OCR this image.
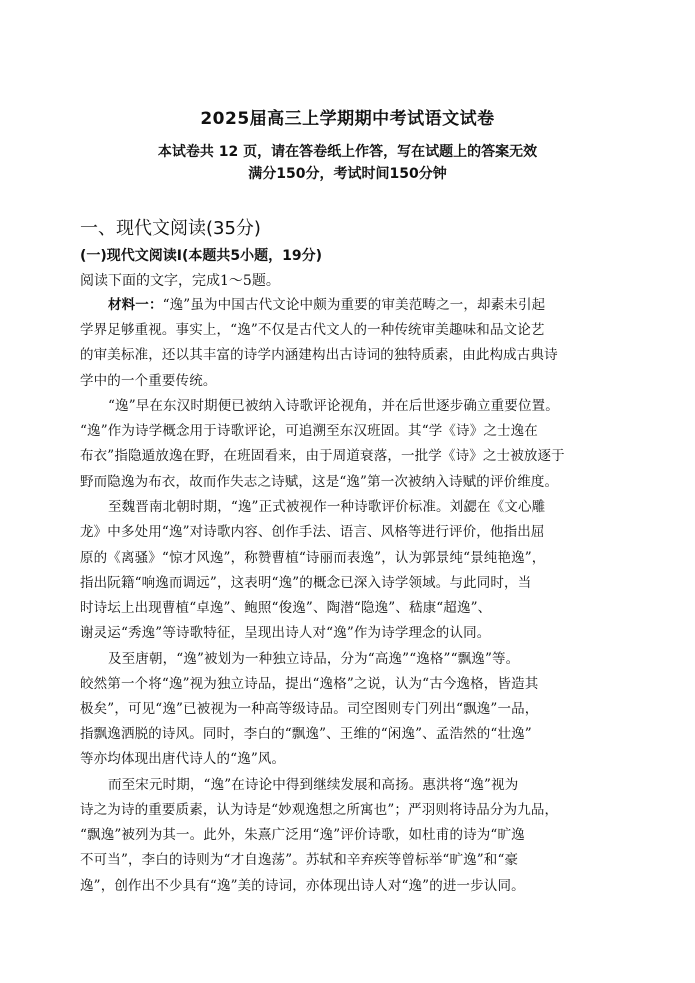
2025届高三上学期期中考试语文试卷
本试卷共 12 页，请在答卷纸上作答，写在试题上的答案无效
满分150分，考试时间150分钟
一、现代文阅读(35分)
(一)现代文阅读Ⅰ(本题共5小题，19分)
阅读下面的文字，完成1～5题。
材料一：“逸”虽为中国古代文论中颇为重要的审美范畴之一，却素未引起
学界足够重视。事实上，“逸”不仅是古代文人的一种传统审美趣味和品文论艺
的审美标准，还以其丰富的诗学内涵建构出古诗词的独特质素，由此构成古典诗
学中的一个重要传统。
“逸”早在东汉时期便已被纳入诗歌评论视角，并在后世逐步确立重要位置。
“逸”作为诗学概念用于诗歌评论，可追溯至东汉班固。其“学《诗》之士逸在
布衣”指隐遁放逸在野，在班固看来，由于周道衰落，一批学《诗》之士被放逐于
野而隐逸为布衣，故而作失志之诗赋，这是“逸”第一次被纳入诗赋的评价维度。
至魏晋南北朝时期，“逸”正式被视作一种诗歌评价标准。刘勰在《文心雕
龙》中多处用“逸”对诗歌内容、创作手法、语言、风格等进行评价，他指出屈
原的《离骚》“惊才风逸”，称赞曹植“诗丽而表逸”，认为郭景纯“景纯艳逸”，
指出阮籍“响逸而调远”，这表明“逸”的概念已深入诗学领域。与此同时，当
时诗坛上出现曹植“卓逸”、鲍照“俊逸”、陶潜“隐逸”、嵇康“超逸”、
谢灵运“秀逸”等诗歌特征，呈现出诗人对“逸”作为诗学理念的认同。
及至唐朝，“逸”被划为一种独立诗品，分为“高逸”“逸格”“飘逸”等。
皎然第一个将“逸”视为独立诗品，提出“逸格”之说，认为“古今逸格，皆造其
极矣”，可见“逸”已被视为一种高等级诗品。司空图则专门列出“飘逸”一品，
指飘逸洒脱的诗风。同时，李白的“飘逸”、王维的“闲逸”、孟浩然的“壮逸”
等亦均体现出唐代诗人的“逸”风。
而至宋元时期，“逸”在诗论中得到继续发展和高扬。惠洪将“逸”视为
诗之为诗的重要质素，认为诗是“妙观逸想之所寓也”；严羽则将诗品分为九品，
“飘逸”被列为其一。此外，朱熹广泛用“逸”评价诗歌，如杜甫的诗为“旷逸
不可当”，李白的诗则为“才自逸荡”。苏轼和辛弃疾等曾标举“旷逸”和“豪
逸”，创作出不少具有“逸”美的诗词，亦体现出诗人对“逸”的进一步认同。
